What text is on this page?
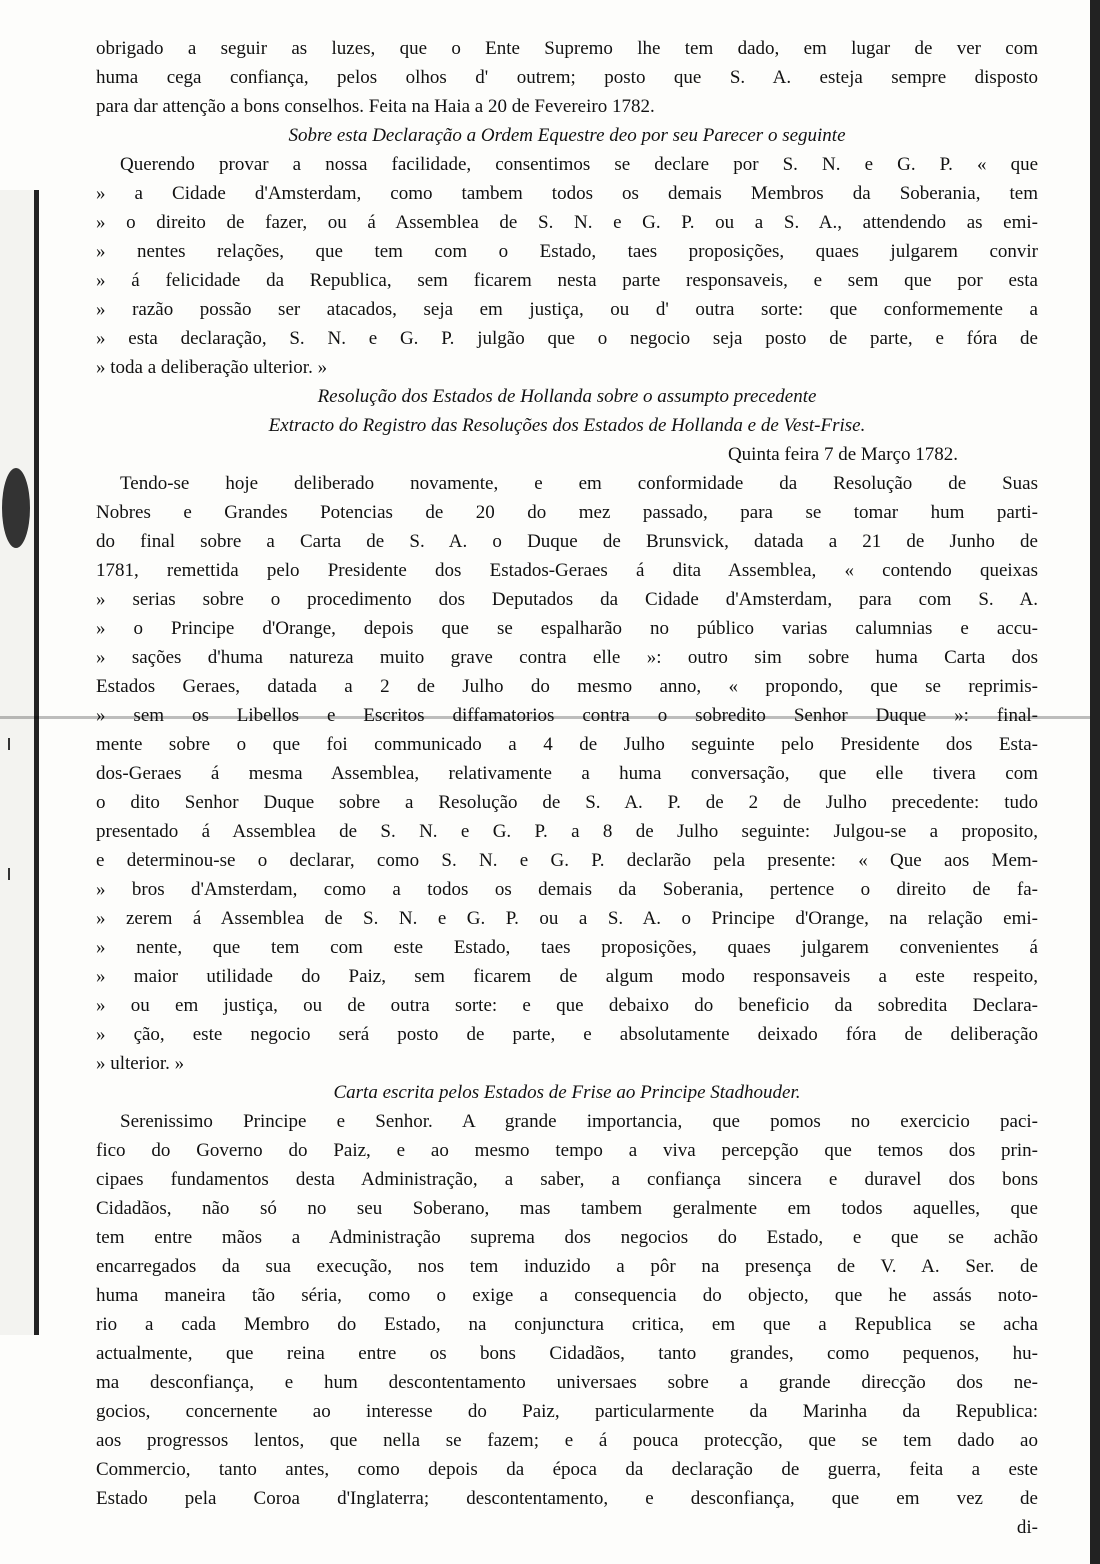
obrigado a seguir as luzes, que o Ente Supremo lhe tem dado, em lugar de ver com
huma cega confiança, pelos olhos d' outrem; posto que S. A. esteja sempre disposto
para dar attenção a bons conselhos. Feita na Haia a 20 de Fevereiro 1782.

Sobre esta Declaração a Ordem Equestre deo por seu Parecer o seguinte

Querendo provar a nossa facilidade, consentimos se declare por S. N. e G. P. « que
» a Cidade d'Amsterdam, como tambem todos os demais Membros da Soberania, tem
» o direito de fazer, ou á Assemblea de S. N. e G. P. ou a S. A., attendendo as emi-
» nentes relações, que tem com o Estado, taes proposições, quaes julgarem convir
» á felicidade da Republica, sem ficarem nesta parte responsaveis, e sem que por esta
» razão possão ser atacados, seja em justiça, ou d' outra sorte: que conformemente a
» esta declaração, S. N. e G. P. julgão que o negocio seja posto de parte, e fóra de
» toda a deliberação ulterior. »

Resolução dos Estados de Hollanda sobre o assumpto precedente
Extracto do Registro das Resoluções dos Estados de Hollanda e de Vest-Frise.
Quinta feira 7 de Março 1782.

Tendo-se hoje deliberado novamente, e em conformidade da Resolução de Suas
Nobres e Grandes Potencias de 20 do mez passado, para se tomar hum parti-
do final sobre a Carta de S. A. o Duque de Brunsvick, datada a 21 de Junho de
1781, remettida pelo Presidente dos Estados-Geraes á dita Assemblea, « contendo queixas
» serias sobre o procedimento dos Deputados da Cidade d'Amsterdam, para com S. A.
» o Principe d'Orange, depois que se espalharão no público varias calumnias e accu-
» sações d'huma natureza muito grave contra elle »: outro sim sobre huma Carta dos
Estados Geraes, datada a 2 de Julho do mesmo anno, « propondo, que se reprimis-
» sem os Libellos e Escritos diffamatorios contra o sobredito Senhor Duque »: final-
mente sobre o que foi communicado a 4 de Julho seguinte pelo Presidente dos Esta-
dos-Geraes á mesma Assemblea, relativamente a huma conversação, que elle tivera com
o dito Senhor Duque sobre a Resolução de S. A. P. de 2 de Julho precedente: tudo
presentado á Assemblea de S. N. e G. P. a 8 de Julho seguinte: Julgou-se a proposito,
e determinou-se o declarar, como S. N. e G. P. declarão pela presente: « Que aos Mem-
» bros d'Amsterdam, como a todos os demais da Soberania, pertence o direito de fa-
» zerem á Assemblea de S. N. e G. P. ou a S. A. o Principe d'Orange, na relação emi-
» nente, que tem com este Estado, taes proposições, quaes julgarem convenientes á
» maior utilidade do Paiz, sem ficarem de algum modo responsaveis a este respeito,
» ou em justiça, ou de outra sorte: e que debaixo do beneficio da sobredita Declara-
» ção, este negocio será posto de parte, e absolutamente deixado fóra de deliberação
» ulterior. »

Carta escrita pelos Estados de Frise ao Principe Stadhouder.

Serenissimo Principe e Senhor. A grande importancia, que pomos no exercicio paci-
fico do Governo do Paiz, e ao mesmo tempo a viva percepção que temos dos prin-
cipaes fundamentos desta Administração, a saber, a confiança sincera e duravel dos bons
Cidadãos, não só no seu Soberano, mas tambem geralmente em todos aquelles, que
tem entre mãos a Administração suprema dos negocios do Estado, e que se achão
encarregados da sua execução, nos tem induzido a pôr na presença de V. A. Ser. de
huma maneira tão séria, como o exige a consequencia do objecto, que he assás noto-
rio a cada Membro do Estado, na conjunctura critica, em que a Republica se acha
actualmente, que reina entre os bons Cidadãos, tanto grandes, como pequenos, hu-
ma desconfiança, e hum descontentamento universaes sobre a grande direcção dos ne-
gocios, concernente ao interesse do Paiz, particularmente da Marinha da Republica:
aos progressos lentos, que nella se fazem; e á pouca protecção, que se tem dado ao
Commercio, tanto antes, como depois da época da declaração de guerra, feita a este
Estado pela Coroa d'Inglaterra; descontentamento, e desconfiança, que em vez de

di-
